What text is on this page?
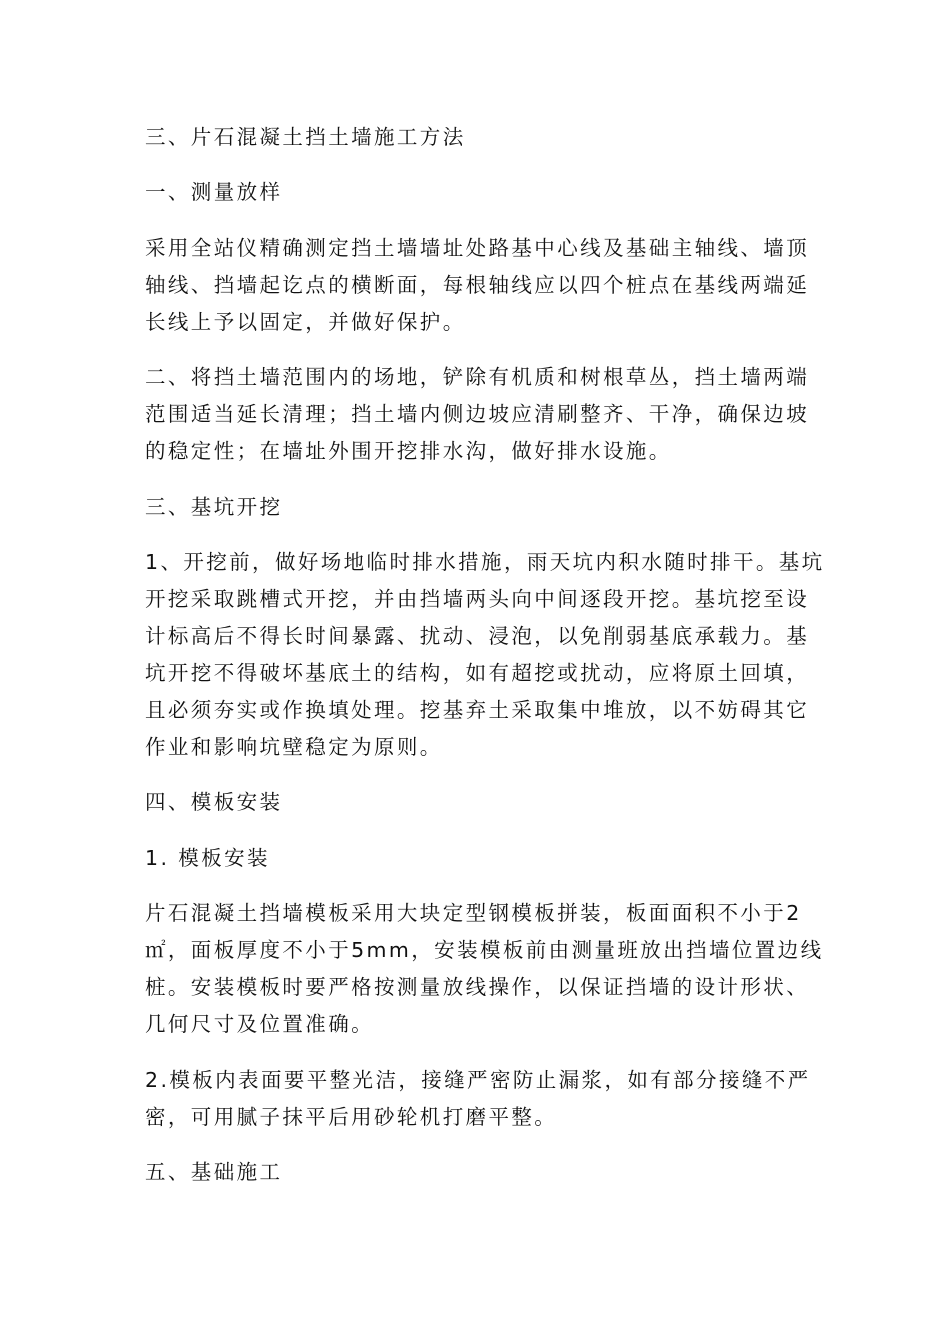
三、片石混凝土挡土墙施工方法
一、测量放样
采用全站仪精确测定挡土墙墙址处路基中心线及基础主轴线、墙顶
轴线、挡墙起讫点的横断面，每根轴线应以四个桩点在基线两端延
长线上予以固定，并做好保护。
二、将挡土墙范围内的场地，铲除有机质和树根草丛，挡土墙两端
范围适当延长清理；挡土墙内侧边坡应清刷整齐、干净，确保边坡
的稳定性；在墙址外围开挖排水沟，做好排水设施。
三、基坑开挖
1、开挖前，做好场地临时排水措施，雨天坑内积水随时排干。基坑
开挖采取跳槽式开挖，并由挡墙两头向中间逐段开挖。基坑挖至设
计标高后不得长时间暴露、扰动、浸泡，以免削弱基底承载力。基
坑开挖不得破坏基底土的结构，如有超挖或扰动，应将原土回填，
且必须夯实或作换填处理。挖基弃土采取集中堆放，以不妨碍其它
作业和影响坑壁稳定为原则。
四、模板安装
1. 模板安装
片石混凝土挡墙模板采用大块定型钢模板拼装，板面面积不小于2
㎡，面板厚度不小于5mm，安装模板前由测量班放出挡墙位置边线
桩。安装模板时要严格按测量放线操作，以保证挡墙的设计形状、
几何尺寸及位置准确。
2.模板内表面要平整光洁，接缝严密防止漏浆，如有部分接缝不严
密，可用腻子抹平后用砂轮机打磨平整。
五、基础施工
